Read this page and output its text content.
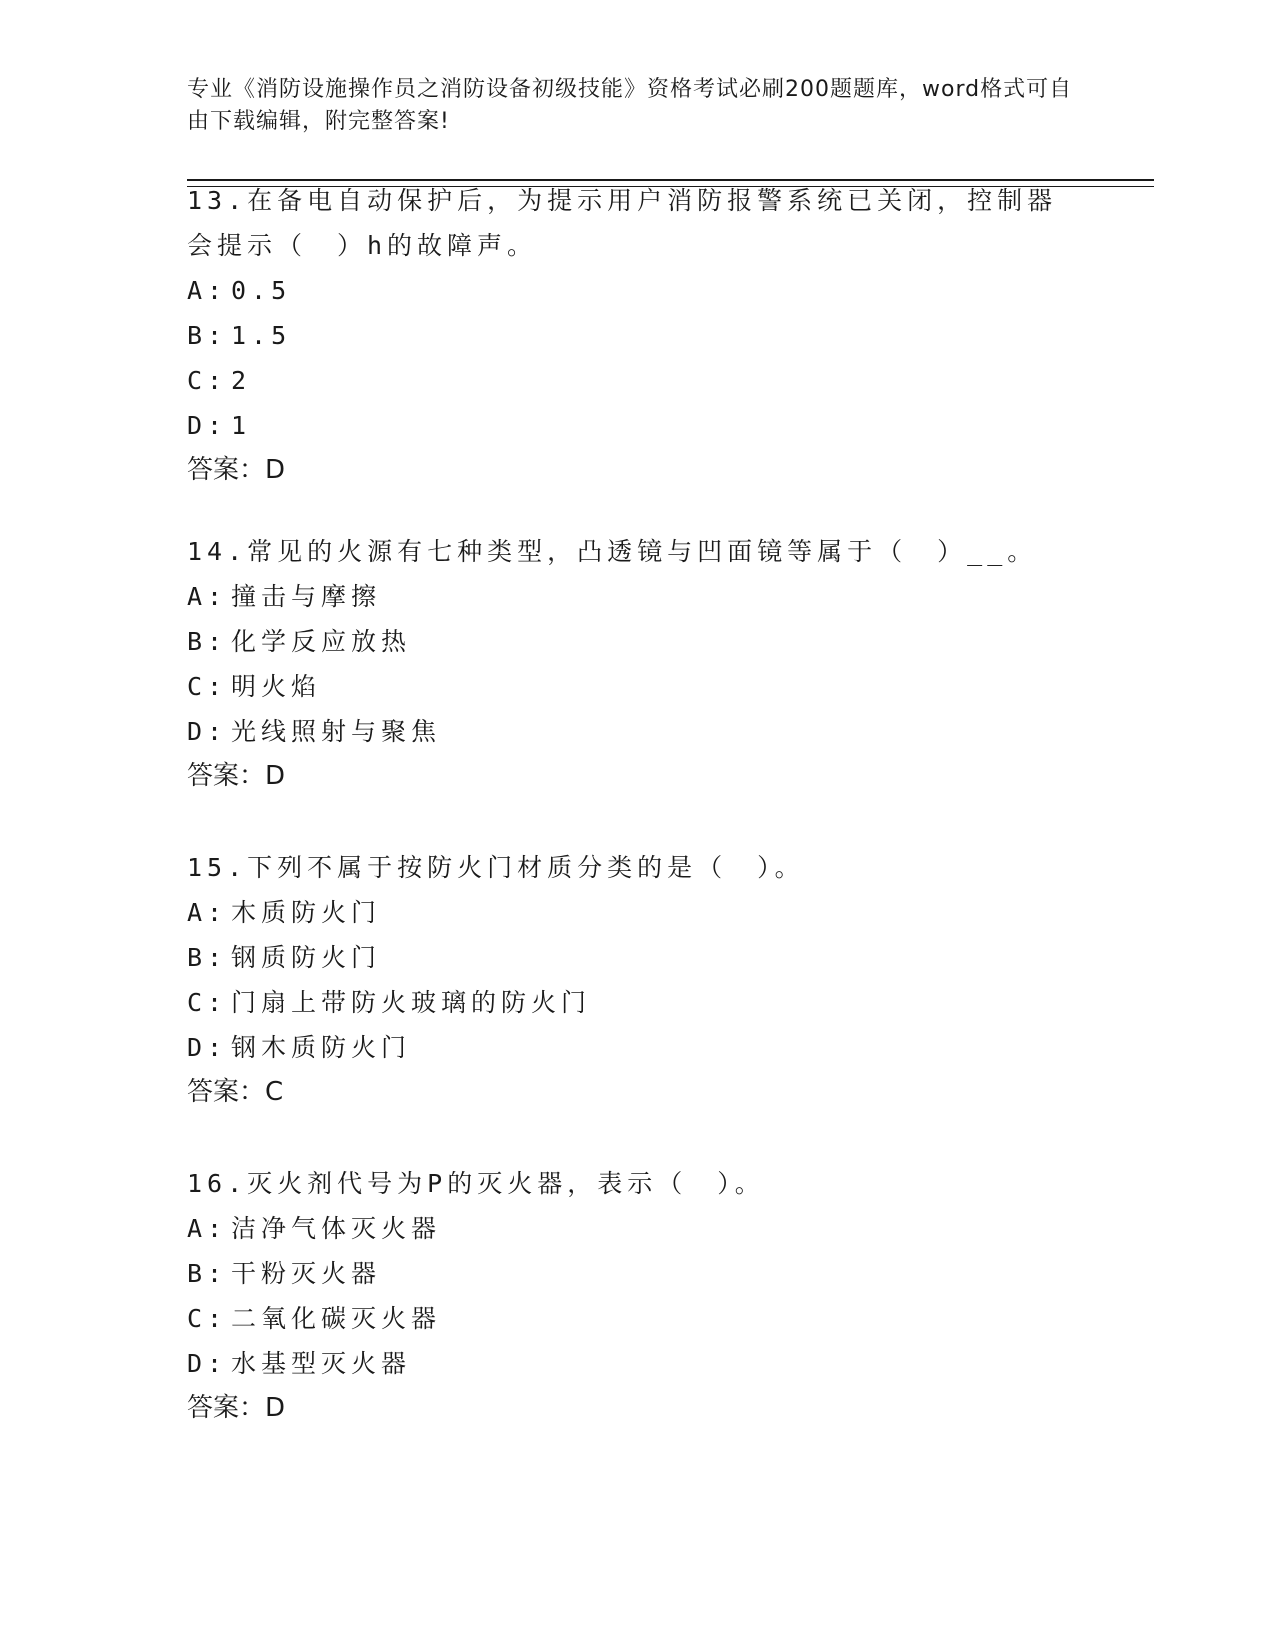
专业《消防设施操作员之消防设备初级技能》资格考试必刷200题题库，word格式可自由下载编辑，附完整答案!

13.在备电自动保护后，为提示用户消防报警系统已关闭，控制器会提示（　）h的故障声。

A: 0.5
B: 1.5
C: 2
D: 1
答案：D

14.常见的火源有七种类型，凸透镜与凹面镜等属于（　）__。

A: 撞击与摩擦
B: 化学反应放热
C: 明火焰
D: 光线照射与聚焦
答案：D

15.下列不属于按防火门材质分类的是（　）。

A: 木质防火门
B: 钢质防火门
C: 门扇上带防火玻璃的防火门
D: 钢木质防火门
答案：C

16.灭火剂代号为P的灭火器，表示（　）。

A: 洁净气体灭火器
B: 干粉灭火器
C: 二氧化碳灭火器
D: 水基型灭火器
答案：D
